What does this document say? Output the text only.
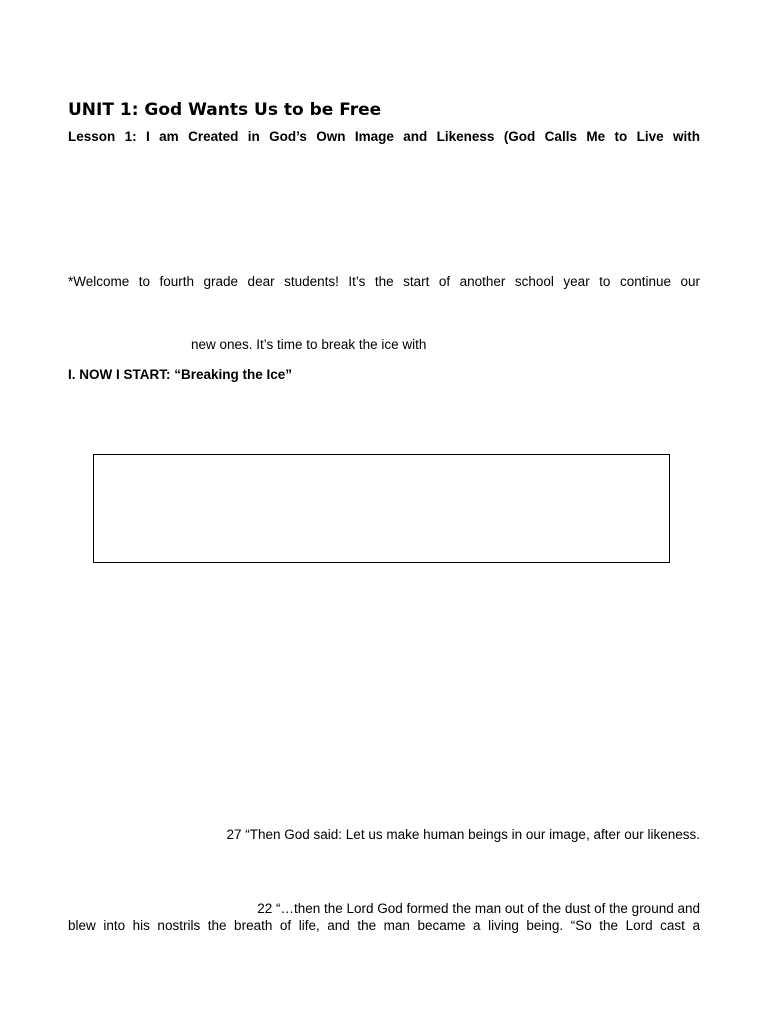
UNIT 1: God Wants Us to be Free
Lesson 1: I am Created in God’s Own Image and Likeness (God Calls Me to Live with
*Welcome to fourth grade dear students! It’s the start of another school year to continue our
new ones. It’s time to break the ice with
I. NOW I START: “Breaking the Ice”
27 “Then God said: Let us make human beings in our image, after our likeness.
22 “…then the Lord God formed the man out of the dust of the ground and
blew into his nostrils the breath of life, and the man became a living being. “So the Lord cast a
